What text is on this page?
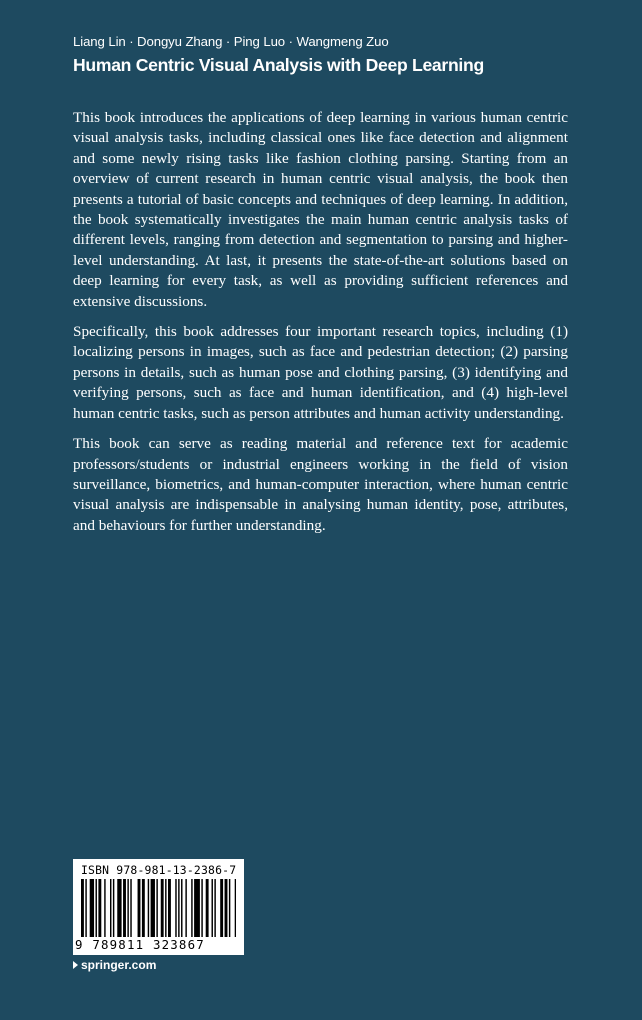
Liang Lin · Dongyu Zhang · Ping Luo · Wangmeng Zuo
Human Centric Visual Analysis with Deep Learning

This book introduces the applications of deep learning in various human centric visual analysis tasks, including classical ones like face detection and alignment and some newly rising tasks like fashion clothing parsing. Starting from an overview of current research in human centric visual analysis, the book then presents a tutorial of basic concepts and techniques of deep learning. In addition, the book systematically investigates the main human centric analysis tasks of different levels, ranging from detection and segmentation to parsing and higher-level understanding. At last, it presents the state-of-the-art solutions based on deep learning for every task, as well as providing sufficient references and extensive discussions.

Specifically, this book addresses four important research topics, including (1) localizing persons in images, such as face and pedestrian detection; (2) parsing persons in details, such as human pose and clothing parsing, (3) identifying and verifying persons, such as face and human identification, and (4) high-level human centric tasks, such as person attributes and human activity understanding.

This book can serve as reading material and reference text for academic professors/students or industrial engineers working in the field of vision surveillance, biometrics, and human-computer interaction, where human centric visual analysis are indispensable in analysing human identity, pose, attributes, and behaviours for further understanding.

ISBN 978-981-13-2386-7
9 789811 323867
springer.com
